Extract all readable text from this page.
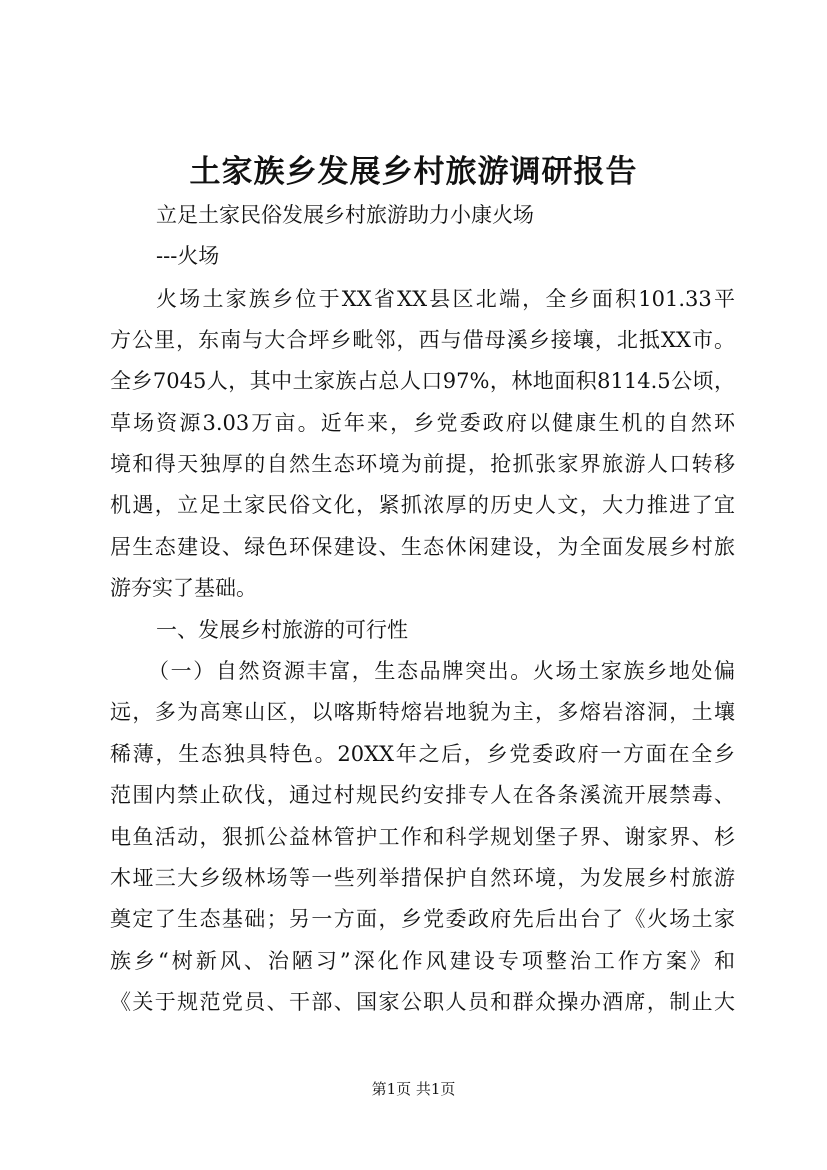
土家族乡发展乡村旅游调研报告
立足土家民俗发展乡村旅游助力小康火场
---火场
火场土家族乡位于XX省XX县区北端，全乡面积101.33平
方公里，东南与大合坪乡毗邻，西与借母溪乡接壤，北抵XX市。
全乡7045人，其中土家族占总人口97%，林地面积8114.5公顷，
草场资源3.03万亩。近年来，乡党委政府以健康生机的自然环
境和得天独厚的自然生态环境为前提，抢抓张家界旅游人口转移
机遇，立足土家民俗文化，紧抓浓厚的历史人文，大力推进了宜
居生态建设、绿色环保建设、生态休闲建设，为全面发展乡村旅
游夯实了基础。
一、发展乡村旅游的可行性
（一）自然资源丰富，生态品牌突出。火场土家族乡地处偏
远，多为高寒山区，以喀斯特熔岩地貌为主，多熔岩溶洞，土壤
稀薄，生态独具特色。20XX年之后，乡党委政府一方面在全乡
范围内禁止砍伐，通过村规民约安排专人在各条溪流开展禁毒、
电鱼活动，狠抓公益林管护工作和科学规划堡子界、谢家界、杉
木垭三大乡级林场等一些列举措保护自然环境，为发展乡村旅游
奠定了生态基础；另一方面，乡党委政府先后出台了《火场土家
族乡“树新风、治陋习”深化作风建设专项整治工作方案》和
《关于规范党员、干部、国家公职人员和群众操办酒席，制止大
第1页 共1页
